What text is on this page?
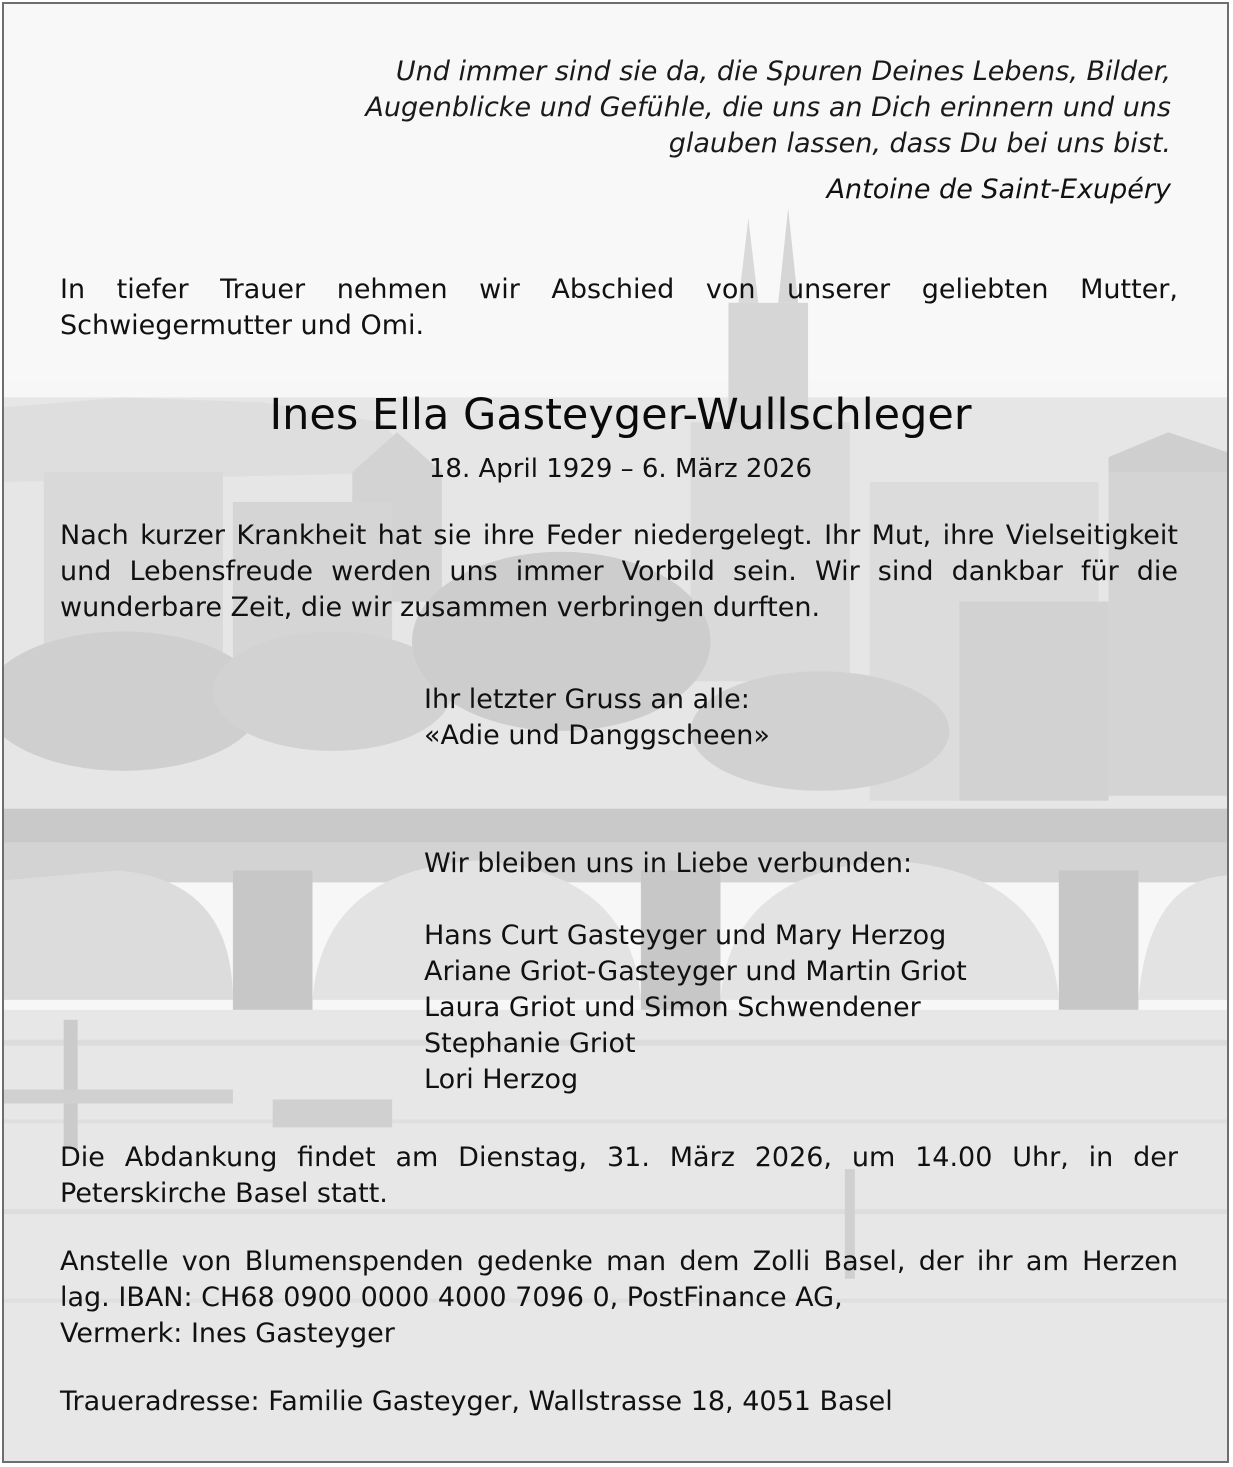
Und immer sind sie da, die Spuren Deines Lebens, Bilder,
Augenblicke und Gefühle, die uns an Dich erinnern und uns
glauben lassen, dass Du bei uns bist.
Antoine de Saint-Exupéry
In tiefer Trauer nehmen wir Abschied von unserer geliebten Mutter, Schwiegermutter und Omi.
Ines Ella Gasteyger-Wullschleger
18. April 1929 – 6. März 2026
Nach kurzer Krankheit hat sie ihre Feder niedergelegt. Ihr Mut, ihre Vielseitigkeit und Lebensfreude werden uns immer Vorbild sein. Wir sind dankbar für die wunderbare Zeit, die wir zusammen verbringen durften.
Ihr letzter Gruss an alle:
«Adie und Danggscheen»
Wir bleiben uns in Liebe verbunden:
Hans Curt Gasteyger und Mary Herzog
Ariane Griot-Gasteyger und Martin Griot
Laura Griot und Simon Schwendener
Stephanie Griot
Lori Herzog
Die Abdankung findet am Dienstag, 31. März 2026, um 14.00 Uhr, in der Peterskirche Basel statt.
Anstelle von Blumenspenden gedenke man dem Zolli Basel, der ihr am Herzen
lag. IBAN: CH68 0900 0000 4000 7096 0, PostFinance AG,
Vermerk: Ines Gasteyger
Traueradresse: Familie Gasteyger, Wallstrasse 18, 4051 Basel
